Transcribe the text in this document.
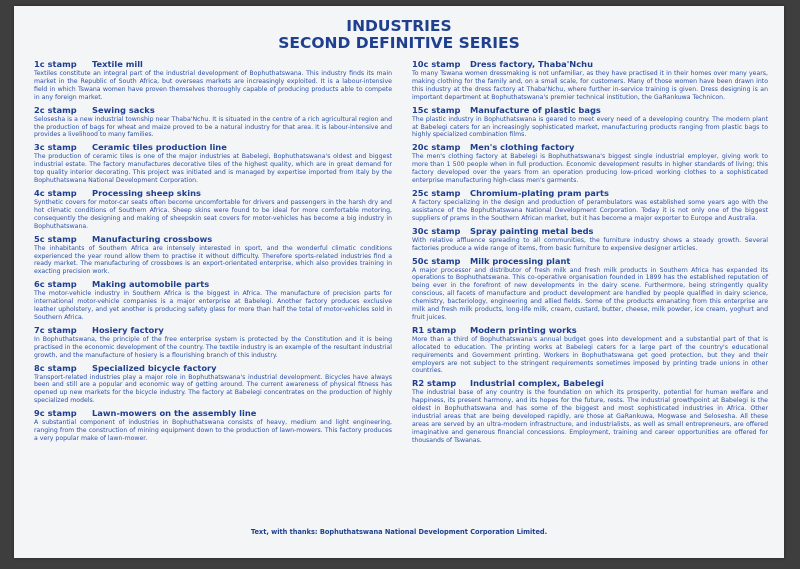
INDUSTRIES
SECOND DEFINITIVE SERIES
1c stamp Textile mill
Textiles constitute an integral part of the industrial development of Bophuthatswana. This industry finds its main market in the Republic of South Africa, but overseas markets are increasingly exploited. It is a labour-intensive field in which Tswana women have proven themselves thoroughly capable of producing products able to compete in any foreign market.
2c stamp Sewing sacks
Selosesha is a new industrial township near Thaba'Nchu. It is situated in the centre of a rich agricultural region and the production of bags for wheat and maize proved to be a natural industry for that area. It is labour-intensive and provides a livelihood to many families.
3c stamp Ceramic tiles production line
The production of ceramic tiles is one of the major industries at Babelegi, Bophuthatswana's oldest and biggest industrial estate. The factory manufactures decorative tiles of the highest quality, which are in great demand for top quality interior decorating. This project was initiated and is managed by expertise imported from Italy by the Bophuthatswana National Development Corporation.
4c stamp Processing sheep skins
Synthetic covers for motor-car seats often become uncomfortable for drivers and passengers in the harsh dry and hot climatic conditions of Southern Africa. Sheep skins were found to be ideal for more comfortable motoring, consequently the designing and making of sheepskin seat covers for motor-vehicles has become a big industry in Bophuthatswana.
5c stamp Manufacturing crossbows
The inhabitants of Southern Africa are intensely interested in sport, and the wonderful climatic conditions experienced the year round allow them to practise it without difficulty. Therefore sports-related industries find a ready market. The manufacturing of crossbows is an export-orientated enterprise, which also provides training in exacting precision work.
6c stamp Making automobile parts
The motor-vehicle industry in Southern Africa is the biggest in Africa. The manufacture of precision parts for international motor-vehicle companies is a major enterprise at Babelegi. Another factory produces exclusive leather upholstery, and yet another is producing safety glass for more than half the total of motor-vehicles sold in Southern Africa.
7c stamp Hosiery factory
In Bophuthatswana, the principle of the free enterprise system is protected by the Constitution and it is being practised in the economic development of the country. The textile industry is an example of the resultant industrial growth, and the manufacture of hosiery is a flourishing branch of this industry.
8c stamp Specialized bicycle factory
Transport-related industries play a major role in Bophuthatswana's industrial development. Bicycles have always been and still are a popular and economic way of getting around. The current awareness of physical fitness has opened up new markets for the bicycle industry. The factory at Babelegi concentrates on the production of highly specialized models.
9c stamp Lawn-mowers on the assembly line
A substantial component of industries in Bophuthatswana consists of heavy, medium and light engineering, ranging from the construction of mining equipment down to the production of lawn-mowers. This factory produces a very popular make of lawn-mower.
10c stamp Dress factory, Thaba'Nchu
To many Tswana women dressmaking is not unfamiliar, as they have practised it in their homes over many years, making clothing for the family and, on a small scale, for customers. Many of those women have been drawn into this industry at the dress factory at Thaba'Nchu, where further in-service training is given. Dress designing is an important department at Bophuthatswana's premier technical institution, the GaRankuwa Technicon.
15c stamp Manufacture of plastic bags
The plastic industry in Bophuthatswana is geared to meet every need of a developing country. The modern plant at Babelegi caters for an increasingly sophisticated market, manufacturing products ranging from plastic bags to highly specialized combination films.
20c stamp Men's clothing factory
The men's clothing factory at Babelegi is Bophuthatswana's biggest single industrial employer, giving work to more than 1 500 people when in full production. Economic development results in higher standards of living; this factory developed over the years from an operation producing low-priced working clothes to a sophisticated enterprise manufacturing high-class men's garments.
25c stamp Chromium-plating pram parts
A factory specializing in the design and production of perambulators was established some years ago with the assistance of the Bophuthatswana National Development Corporation. Today it is not only one of the biggest suppliers of prams in the Southern African market, but it has become a major exporter to Europe and Australia.
30c stamp Spray painting metal beds
With relative affluence spreading to all communities, the furniture industry shows a steady growth. Several factories produce a wide range of items, from basic furniture to expensive designer articles.
50c stamp Milk processing plant
A major processor and distributor of fresh milk and fresh milk products in Southern Africa has expanded its operations to Bophuthatswana. This co-operative organisation founded in 1899 has the established reputation of being ever in the forefront of new developments in the dairy scene. Furthermore, being stringently quality conscious, all facets of manufacture and product development are handled by people qualified in dairy science, chemistry, bacteriology, engineering and allied fields. Some of the products emanating from this enterprise are milk and fresh milk products, long-life milk, cream, custard, butter, cheese, milk powder, ice cream, yoghurt and fruit juices.
R1 stamp Modern printing works
More than a third of Bophuthatswana's annual budget goes into development and a substantial part of that is allocated to education. The printing works at Babelegi caters for a large part of the country's educational requirements and Government printing. Workers in Bophuthatswana get good protection, but they and their employers are not subject to the stringent requirements sometimes imposed by printing trade unions in other countries.
R2 stamp Industrial complex, Babelegi
The industrial base of any country is the foundation on which its prosperity, potential for human welfare and happiness, its present harmony, and its hopes for the future, rests. The industrial growthpoint at Babelegi is the oldest in Bophuthatswana and has some of the biggest and most sophisticated industries in Africa. Other industrial areas that are being developed rapidly, are those at GaRankuwa, Mogwase and Selosesha. All these areas are served by an ultra-modern infrastructure, and industrialists, as well as small entrepreneurs, are offered imaginative and generous financial concessions. Employment, training and career opportunities are offered for thousands of Tswanas.
Text, with thanks: Bophuthatswana National Development Corporation Limited.
